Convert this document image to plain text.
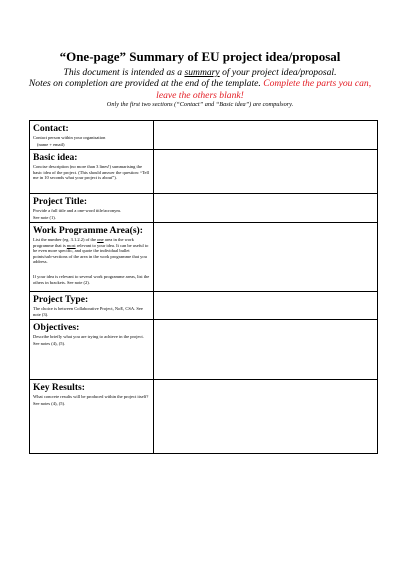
“One-page” Summary of EU project idea/proposal
This document is intended as a summary of your project idea/proposal.
Notes on completion are provided at the end of the template. Complete the parts you can, leave the others blank!
Only the first two sections (“Contact” and “Basic idea”) are compulsory.

Contact:

Contact person within your organisation

(name + email)	

Basic idea:

Concise description (no more than 3 lines!) summarising the basic idea of the project. (This should answer the question: “Tell me in 10 seconds what your project is about”).	

Project Title:

Provide a full title and a one-word title/acronym.

See note (1).	

Work Programme Area(s):

List the number (eg. 3.1.2.2) of the one area in the work programme that is most relevant to your idea. It can be useful to be even more specific, and quote the individual bullet points/sub-sections of the area in the work programme that you address.

If your idea is relevant to several work programme areas, list the others in brackets. See note (2).	

Project Type:

The choice is between Collaborative Project, NoE, CSA. See note (3).	

Objectives:

Describe briefly what you are trying to achieve in the project.

See notes (4), (5).	

Key Results:

What concrete results will be produced within the project itself?

See notes (4), (5).	
